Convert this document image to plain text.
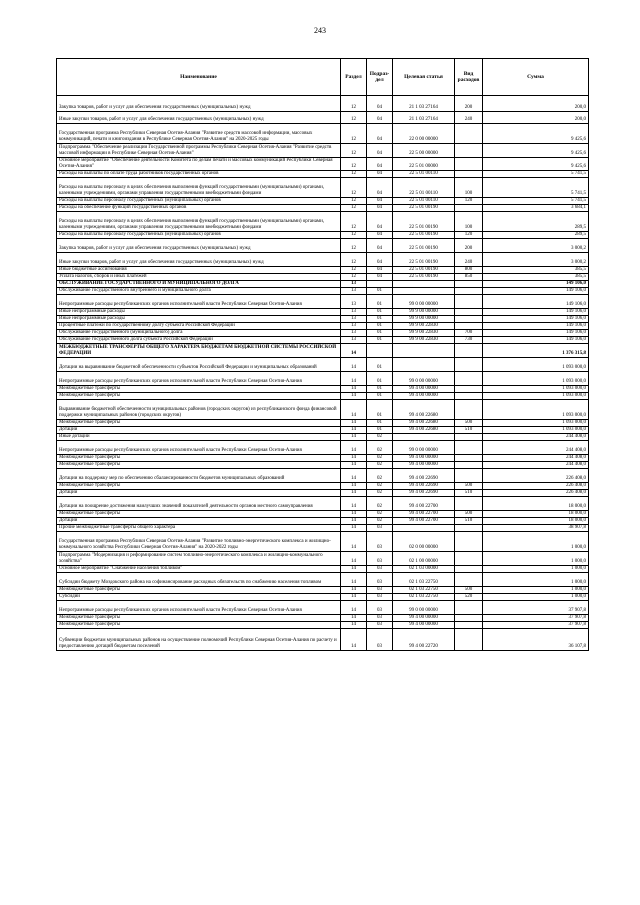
243
Наименование	Раздел	Подраз-дел	Целевая статья	Вид расходов	Сумма
Закупка товаров, работ и услуг для обеспечения государственных (муниципальных) нужд	12	04	21 1 03 27164	200	200,0
Иные закупки товаров, работ и услуг для обеспечения государственных (муниципальных) нужд	12	04	21 1 03 27164	240	200,0
Государственная программа Республики Северная Осетия-Алания "Развитие средств массовой информации, массовых коммуникаций, печати и книгоиздания в Республике Северная Осетия-Алания" на 2020-2025 годы	12	04	22 0 00 00000		9 425,6
Подпрограмма "Обеспечение реализации Государственной программы Республики Северная Осетия-Алания "Развитие средств массовой информации в Республике Северная Осетия-Алания"	12	04	22 5 00 00000		9 425,6
Основное мероприятие "Обеспечение деятельности Комитета по делам печати и массовых коммуникаций Республики Северная Осетия-Алания"	12	04	22 5 01 00000		9 425,6
Расходы на выплаты по оплате труда работников государственных органов	12	04	22 5 01 00110		5 741,5
Расходы на выплаты персоналу в целях обеспечения выполнения функций государственными (муниципальными) органами, казенными учреждениями, органами управления государственными внебюджетными фондами	12	04	22 5 01 00110	100	5 741,5
Расходы на выплаты персоналу государственных (муниципальных) органов	12	04	22 5 01 00110	120	5 741,5
Расходы на обеспечение функций государственных органов	12	04	22 5 01 00190		3 684,1
Расходы на выплаты персоналу в целях обеспечения выполнения функций государственными (муниципальными) органами, казенными учреждениями, органами управления государственными внебюджетными фондами	12	04	22 5 01 00190	100	289,5
Расходы на выплаты персоналу государственных (муниципальных) органов	12	04	22 5 01 00190	120	289,5
Закупка товаров, работ и услуг для обеспечения государственных (муниципальных) нужд	12	04	22 5 01 00190	200	3 000,2
Иные закупки товаров, работ и услуг для обеспечения государственных (муниципальных) нужд	12	04	22 5 01 00190	240	3 000,2
Иные бюджетные ассигнования	12	04	22 5 01 00190	800	385,5
Уплата налогов, сборов и иных платежей	12	04	22 5 01 00190	850	385,5
ОБСЛУЖИВАНИЕ ГОСУДАРСТВЕННОГО И МУНИЦИПАЛЬНОГО ДОЛГА	13				149 106,0
Обслуживание государственного внутреннего и муниципального долга	13	01			149 106,0
Непрограммные расходы республиканских органов исполнительной власти Республики Северная Осетия-Алания	13	01	99 0 00 00000		149 106,0
Иные непрограммные расходы	13	01	99 9 00 00000		149 106,0
Иные непрограммные расходы	13	01	99 9 00 00000		149 106,0
Процентные платежи по государственному долгу субъекта Российской Федерации	13	01	99 9 00 22830		149 106,0
Обслуживание государственного (муниципального) долга	13	01	99 9 00 22830	700	149 106,0
Обслуживание государственного долга субъекта Российской Федерации	13	01	99 9 00 22830	730	149 106,0
МЕЖБЮДЖЕТНЫЕ ТРАНСФЕРТЫ ОБЩЕГО ХАРАКТЕРА БЮДЖЕТАМ БЮДЖЕТНОЙ СИСТЕМЫ РОССИЙСКОЙ ФЕДЕРАЦИИ	14				1 376 315,8
Дотации на выравнивание бюджетной обеспеченности субъектов Российской Федерации и муниципальных образований	14	01			1 093 000,0
Непрограммные расходы республиканских органов исполнительной власти Республики Северная Осетия-Алания	14	01	99 0 00 00000		1 093 000,0
Межбюджетные трансферты	14	01	99 4 00 00000		1 093 000,0
Межбюджетные трансферты	14	01	99 4 00 00000		1 093 000,0
Выравнивание бюджетной обеспеченности муниципальных районов (городских округов) из республиканского фонда финансовой поддержки муниципальных районов (городских округов)	14	01	99 4 00 22680		1 093 000,0
Межбюджетные трансферты	14	01	99 4 00 22680	500	1 093 000,0
Дотации	14	01	99 4 00 22680	510	1 093 000,0
Иные дотации	14	02			244 408,0
Непрограммные расходы республиканских органов исполнительной власти Республики Северная Осетия-Алания	14	02	99 0 00 00000		244 408,0
Межбюджетные трансферты	14	02	99 4 00 00000		244 408,0
Межбюджетные трансферты	14	02	99 4 00 00000		244 408,0
Дотации на поддержку мер по обеспечению сбалансированности бюджетов муниципальных образований	14	02	99 4 00 22690		226 408,0
Межбюджетные трансферты	14	02	99 4 00 22690	500	226 408,0
Дотации	14	02	99 4 00 22690	510	226 408,0
Дотации на поощрение достижения наилучших значений показателей деятельности органов местного самоуправления	14	02	99 4 00 22700		18 000,0
Межбюджетные трансферты	14	02	99 4 00 22700	500	18 000,0
Дотации	14	02	99 4 00 22700	510	18 000,0
Прочие межбюджетные трансферты общего характера	14	03			38 907,8
Государственная программа Республики Северная Осетия-Алания "Развитие топливно-энергетического комплекса и жилищно-коммунального хозяйства Республики Северная Осетия-Алания" на 2020-2022 годы	14	03	02 0 00 00000		1 000,0
Подпрограмма "Модернизация и реформирование систем топливно-энергетического комплекса и жилищно-коммунального хозяйства"	14	03	02 1 00 00000		1 000,0
Основное мероприятие "Снабжение населения топливом"	14	03	02 1 03 00000		1 000,0
Субсидии бюджету Моздокского района на софинансирование расходных обязательств по снабжению населения топливом	14	03	02 1 03 22750		1 000,0
Межбюджетные трансферты	14	03	02 1 03 22750	500	1 000,0
Субсидии	14	03	02 1 03 22750	520	1 000,0
Непрограммные расходы республиканских органов исполнительной власти Республики Северная Осетия-Алания	14	03	99 0 00 00000		37 907,8
Межбюджетные трансферты	14	03	99 4 00 00000		37 907,8
Межбюджетные трансферты	14	03	99 4 00 00000		37 907,8
Субвенции бюджетам муниципальных районов на осуществление полномочий Республики Северная Осетия-Алания по расчету и предоставлению дотаций бюджетам поселений	14	03	99 4 00 22720		36 107,8
